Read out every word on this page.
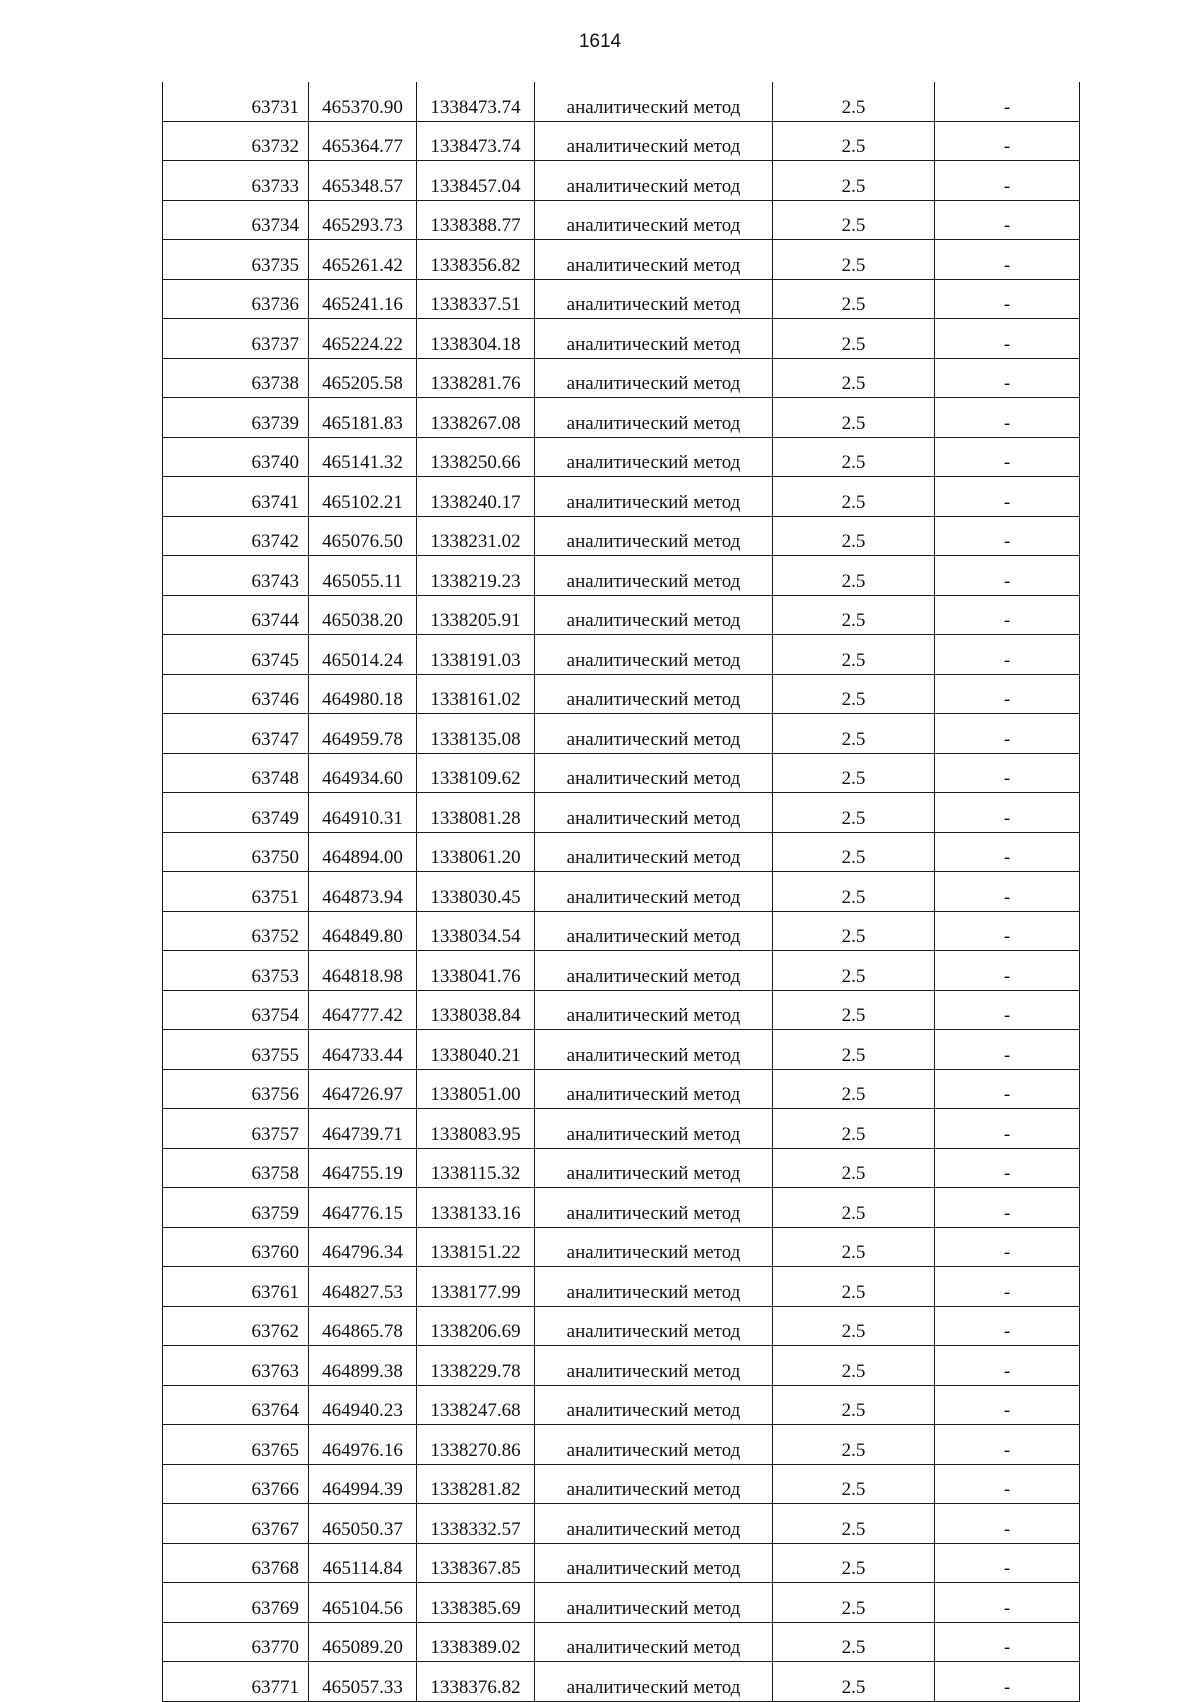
1614
63731	465370.90	1338473.74	аналитический метод	2.5	-
63732	465364.77	1338473.74	аналитический метод	2.5	-
63733	465348.57	1338457.04	аналитический метод	2.5	-
63734	465293.73	1338388.77	аналитический метод	2.5	-
63735	465261.42	1338356.82	аналитический метод	2.5	-
63736	465241.16	1338337.51	аналитический метод	2.5	-
63737	465224.22	1338304.18	аналитический метод	2.5	-
63738	465205.58	1338281.76	аналитический метод	2.5	-
63739	465181.83	1338267.08	аналитический метод	2.5	-
63740	465141.32	1338250.66	аналитический метод	2.5	-
63741	465102.21	1338240.17	аналитический метод	2.5	-
63742	465076.50	1338231.02	аналитический метод	2.5	-
63743	465055.11	1338219.23	аналитический метод	2.5	-
63744	465038.20	1338205.91	аналитический метод	2.5	-
63745	465014.24	1338191.03	аналитический метод	2.5	-
63746	464980.18	1338161.02	аналитический метод	2.5	-
63747	464959.78	1338135.08	аналитический метод	2.5	-
63748	464934.60	1338109.62	аналитический метод	2.5	-
63749	464910.31	1338081.28	аналитический метод	2.5	-
63750	464894.00	1338061.20	аналитический метод	2.5	-
63751	464873.94	1338030.45	аналитический метод	2.5	-
63752	464849.80	1338034.54	аналитический метод	2.5	-
63753	464818.98	1338041.76	аналитический метод	2.5	-
63754	464777.42	1338038.84	аналитический метод	2.5	-
63755	464733.44	1338040.21	аналитический метод	2.5	-
63756	464726.97	1338051.00	аналитический метод	2.5	-
63757	464739.71	1338083.95	аналитический метод	2.5	-
63758	464755.19	1338115.32	аналитический метод	2.5	-
63759	464776.15	1338133.16	аналитический метод	2.5	-
63760	464796.34	1338151.22	аналитический метод	2.5	-
63761	464827.53	1338177.99	аналитический метод	2.5	-
63762	464865.78	1338206.69	аналитический метод	2.5	-
63763	464899.38	1338229.78	аналитический метод	2.5	-
63764	464940.23	1338247.68	аналитический метод	2.5	-
63765	464976.16	1338270.86	аналитический метод	2.5	-
63766	464994.39	1338281.82	аналитический метод	2.5	-
63767	465050.37	1338332.57	аналитический метод	2.5	-
63768	465114.84	1338367.85	аналитический метод	2.5	-
63769	465104.56	1338385.69	аналитический метод	2.5	-
63770	465089.20	1338389.02	аналитический метод	2.5	-
63771	465057.33	1338376.82	аналитический метод	2.5	-
